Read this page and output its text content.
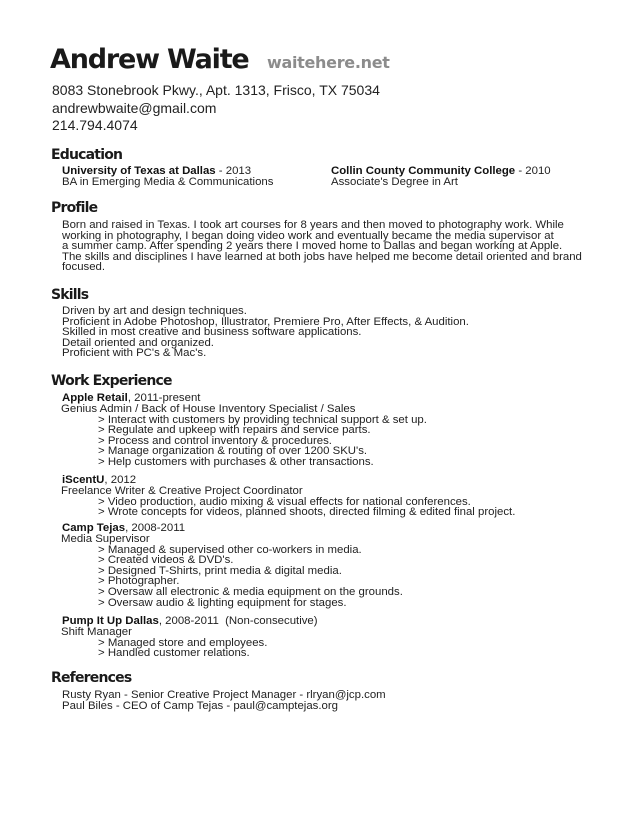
Andrew Waite waitehere.net
8083 Stonebrook Pkwy., Apt. 1313, Frisco, TX 75034
andrewbwaite@gmail.com
214.794.4074
Education
University of Texas at Dallas - 2013
BA in Emerging Media & Communications
Collin County Community College - 2010
Associate's Degree in Art
Profile
Born and raised in Texas. I took art courses for 8 years and then moved to photography work. While
working in photography, I began doing video work and eventually became the media supervisor at
a summer camp. After spending 2 years there I moved home to Dallas and began working at Apple.
The skills and disciplines I have learned at both jobs have helped me become detail oriented and brand
focused.
Skills
Driven by art and design techniques.
Proficient in Adobe Photoshop, Illustrator, Premiere Pro, After Effects, & Audition.
Skilled in most creative and business software applications.
Detail oriented and organized.
Proficient with PC's & Mac's.
Work Experience
Apple Retail, 2011-present
Genius Admin / Back of House Inventory Specialist / Sales
> Interact with customers by providing technical support & set up.
> Regulate and upkeep with repairs and service parts.
> Process and control inventory & procedures.
> Manage organization & routing of over 1200 SKU's.
> Help customers with purchases & other transactions.
iScentU, 2012
Freelance Writer & Creative Project Coordinator
> Video production, audio mixing & visual effects for national conferences.
> Wrote concepts for videos, planned shoots, directed filming & edited final project.
Camp Tejas, 2008-2011
Media Supervisor
> Managed & supervised other co-workers in media.
> Created videos & DVD's.
> Designed T-Shirts, print media & digital media.
> Photographer.
> Oversaw all electronic & media equipment on the grounds.
> Oversaw audio & lighting equipment for stages.
Pump It Up Dallas, 2008-2011  (Non-consecutive)
Shift Manager
> Managed store and employees.
> Handled customer relations.
References
Rusty Ryan - Senior Creative Project Manager - rlryan@jcp.com
Paul Biles - CEO of Camp Tejas - paul@camptejas.org
